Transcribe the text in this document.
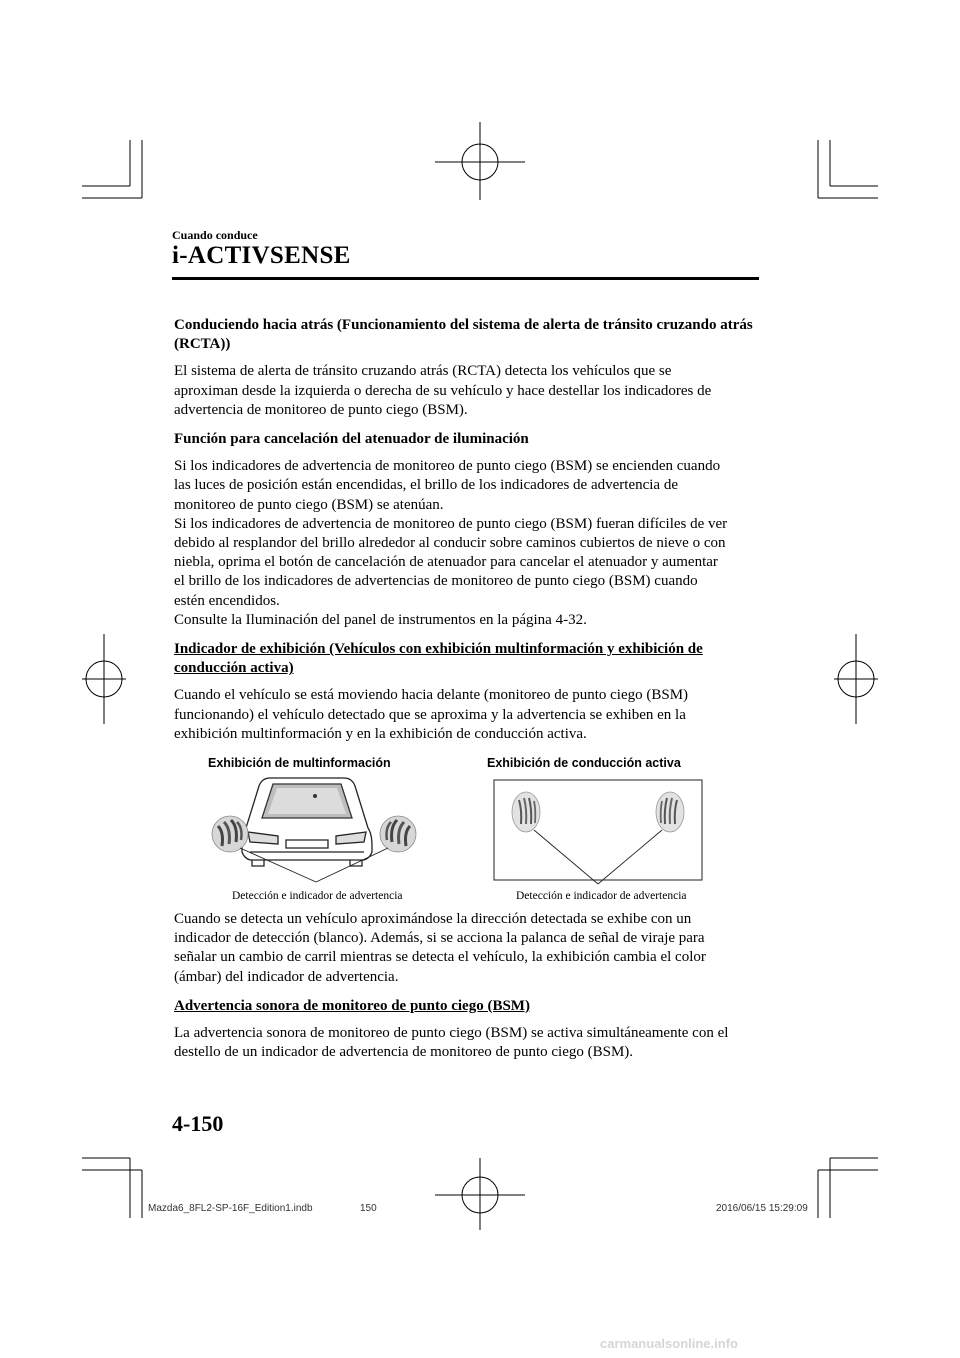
Cuando conduce
i-ACTIVSENSE
Conduciendo hacia atrás (Funcionamiento del sistema de alerta de tránsito cruzando atrás (RCTA))

El sistema de alerta de tránsito cruzando atrás (RCTA) detecta los vehículos que se
aproximan desde la izquierda o derecha de su vehículo y hace destellar los indicadores de
advertencia de monitoreo de punto ciego (BSM).

Función para cancelación del atenuador de iluminación

Si los indicadores de advertencia de monitoreo de punto ciego (BSM) se encienden cuando
las luces de posición están encendidas, el brillo de los indicadores de advertencia de
monitoreo de punto ciego (BSM) se atenúan.
Si los indicadores de advertencia de monitoreo de punto ciego (BSM) fueran difíciles de ver
debido al resplandor del brillo alrededor al conducir sobre caminos cubiertos de nieve o con
niebla, oprima el botón de cancelación de atenuador para cancelar el atenuador y aumentar
el brillo de los indicadores de advertencias de monitoreo de punto ciego (BSM) cuando
estén encendidos.
Consulte la Iluminación del panel de instrumentos en la página 4-32.

Indicador de exhibición (Vehículos con exhibición multinformación y exhibición de conducción activa)

Cuando el vehículo se está moviendo hacia delante (monitoreo de punto ciego (BSM)
funcionando) el vehículo detectado que se aproxima y la advertencia se exhiben en la
exhibición multinformación y en la exhibición de conducción activa.

Exhibición de multinformación	Exhibición de conducción activa
Detección e indicador de advertencia	Detección e indicador de advertencia

Cuando se detecta un vehículo aproximándose la dirección detectada se exhibe con un
indicador de detección (blanco). Además, si se acciona la palanca de señal de viraje para
señalar un cambio de carril mientras se detecta el vehículo, la exhibición cambia el color
(ámbar) del indicador de advertencia.

Advertencia sonora de monitoreo de punto ciego (BSM)

La advertencia sonora de monitoreo de punto ciego (BSM) se activa simultáneamente con el
destello de un indicador de advertencia de monitoreo de punto ciego (BSM).

4-150
Mazda6_8FL2-SP-16F_Edition1.indb	150	2016/06/15 15:29:09
carmanualsonline.info
